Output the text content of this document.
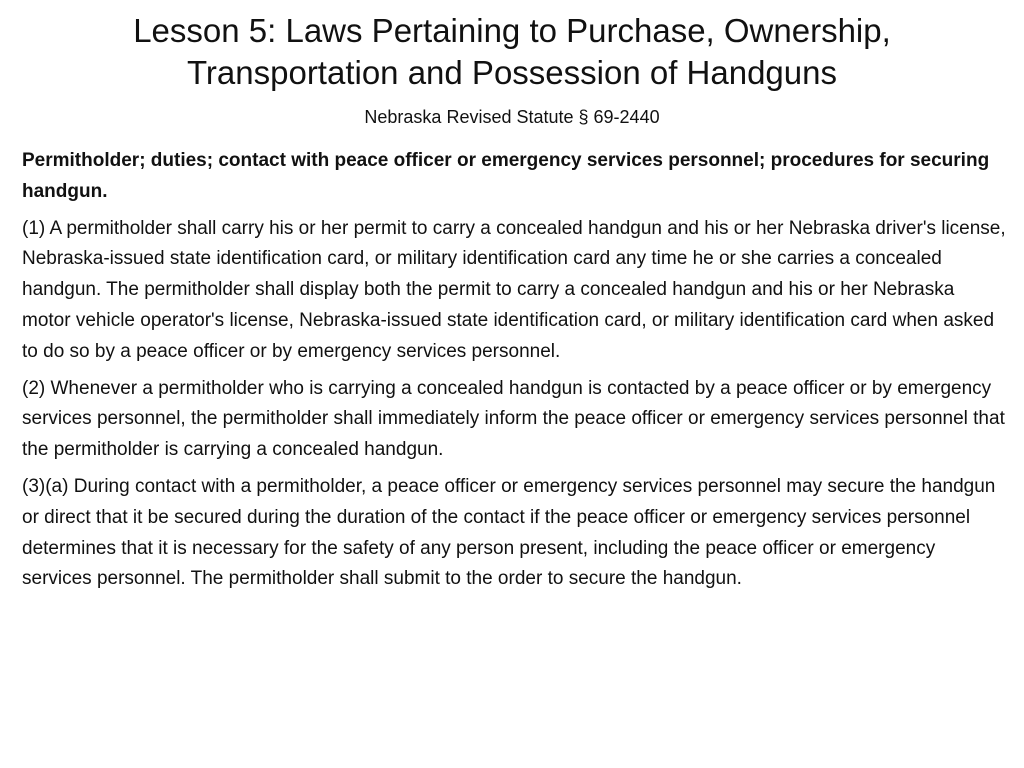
Lesson 5: Laws Pertaining to Purchase, Ownership, Transportation and Possession of Handguns

Nebraska Revised Statute § 69-2440

Permitholder; duties; contact with peace officer or emergency services personnel; procedures for securing handgun.

(1) A permitholder shall carry his or her permit to carry a concealed handgun and his or her Nebraska driver's license, Nebraska-issued state identification card, or military identification card any time he or she carries a concealed handgun. The permitholder shall display both the permit to carry a concealed handgun and his or her Nebraska motor vehicle operator's license, Nebraska-issued state identification card, or military identification card when asked to do so by a peace officer or by emergency services personnel.

(2) Whenever a permitholder who is carrying a concealed handgun is contacted by a peace officer or by emergency services personnel, the permitholder shall immediately inform the peace officer or emergency services personnel that the permitholder is carrying a concealed handgun.

(3)(a) During contact with a permitholder, a peace officer or emergency services personnel may secure the handgun or direct that it be secured during the duration of the contact if the peace officer or emergency services personnel determines that it is necessary for the safety of any person present, including the peace officer or emergency services personnel. The permitholder shall submit to the order to secure the handgun.
